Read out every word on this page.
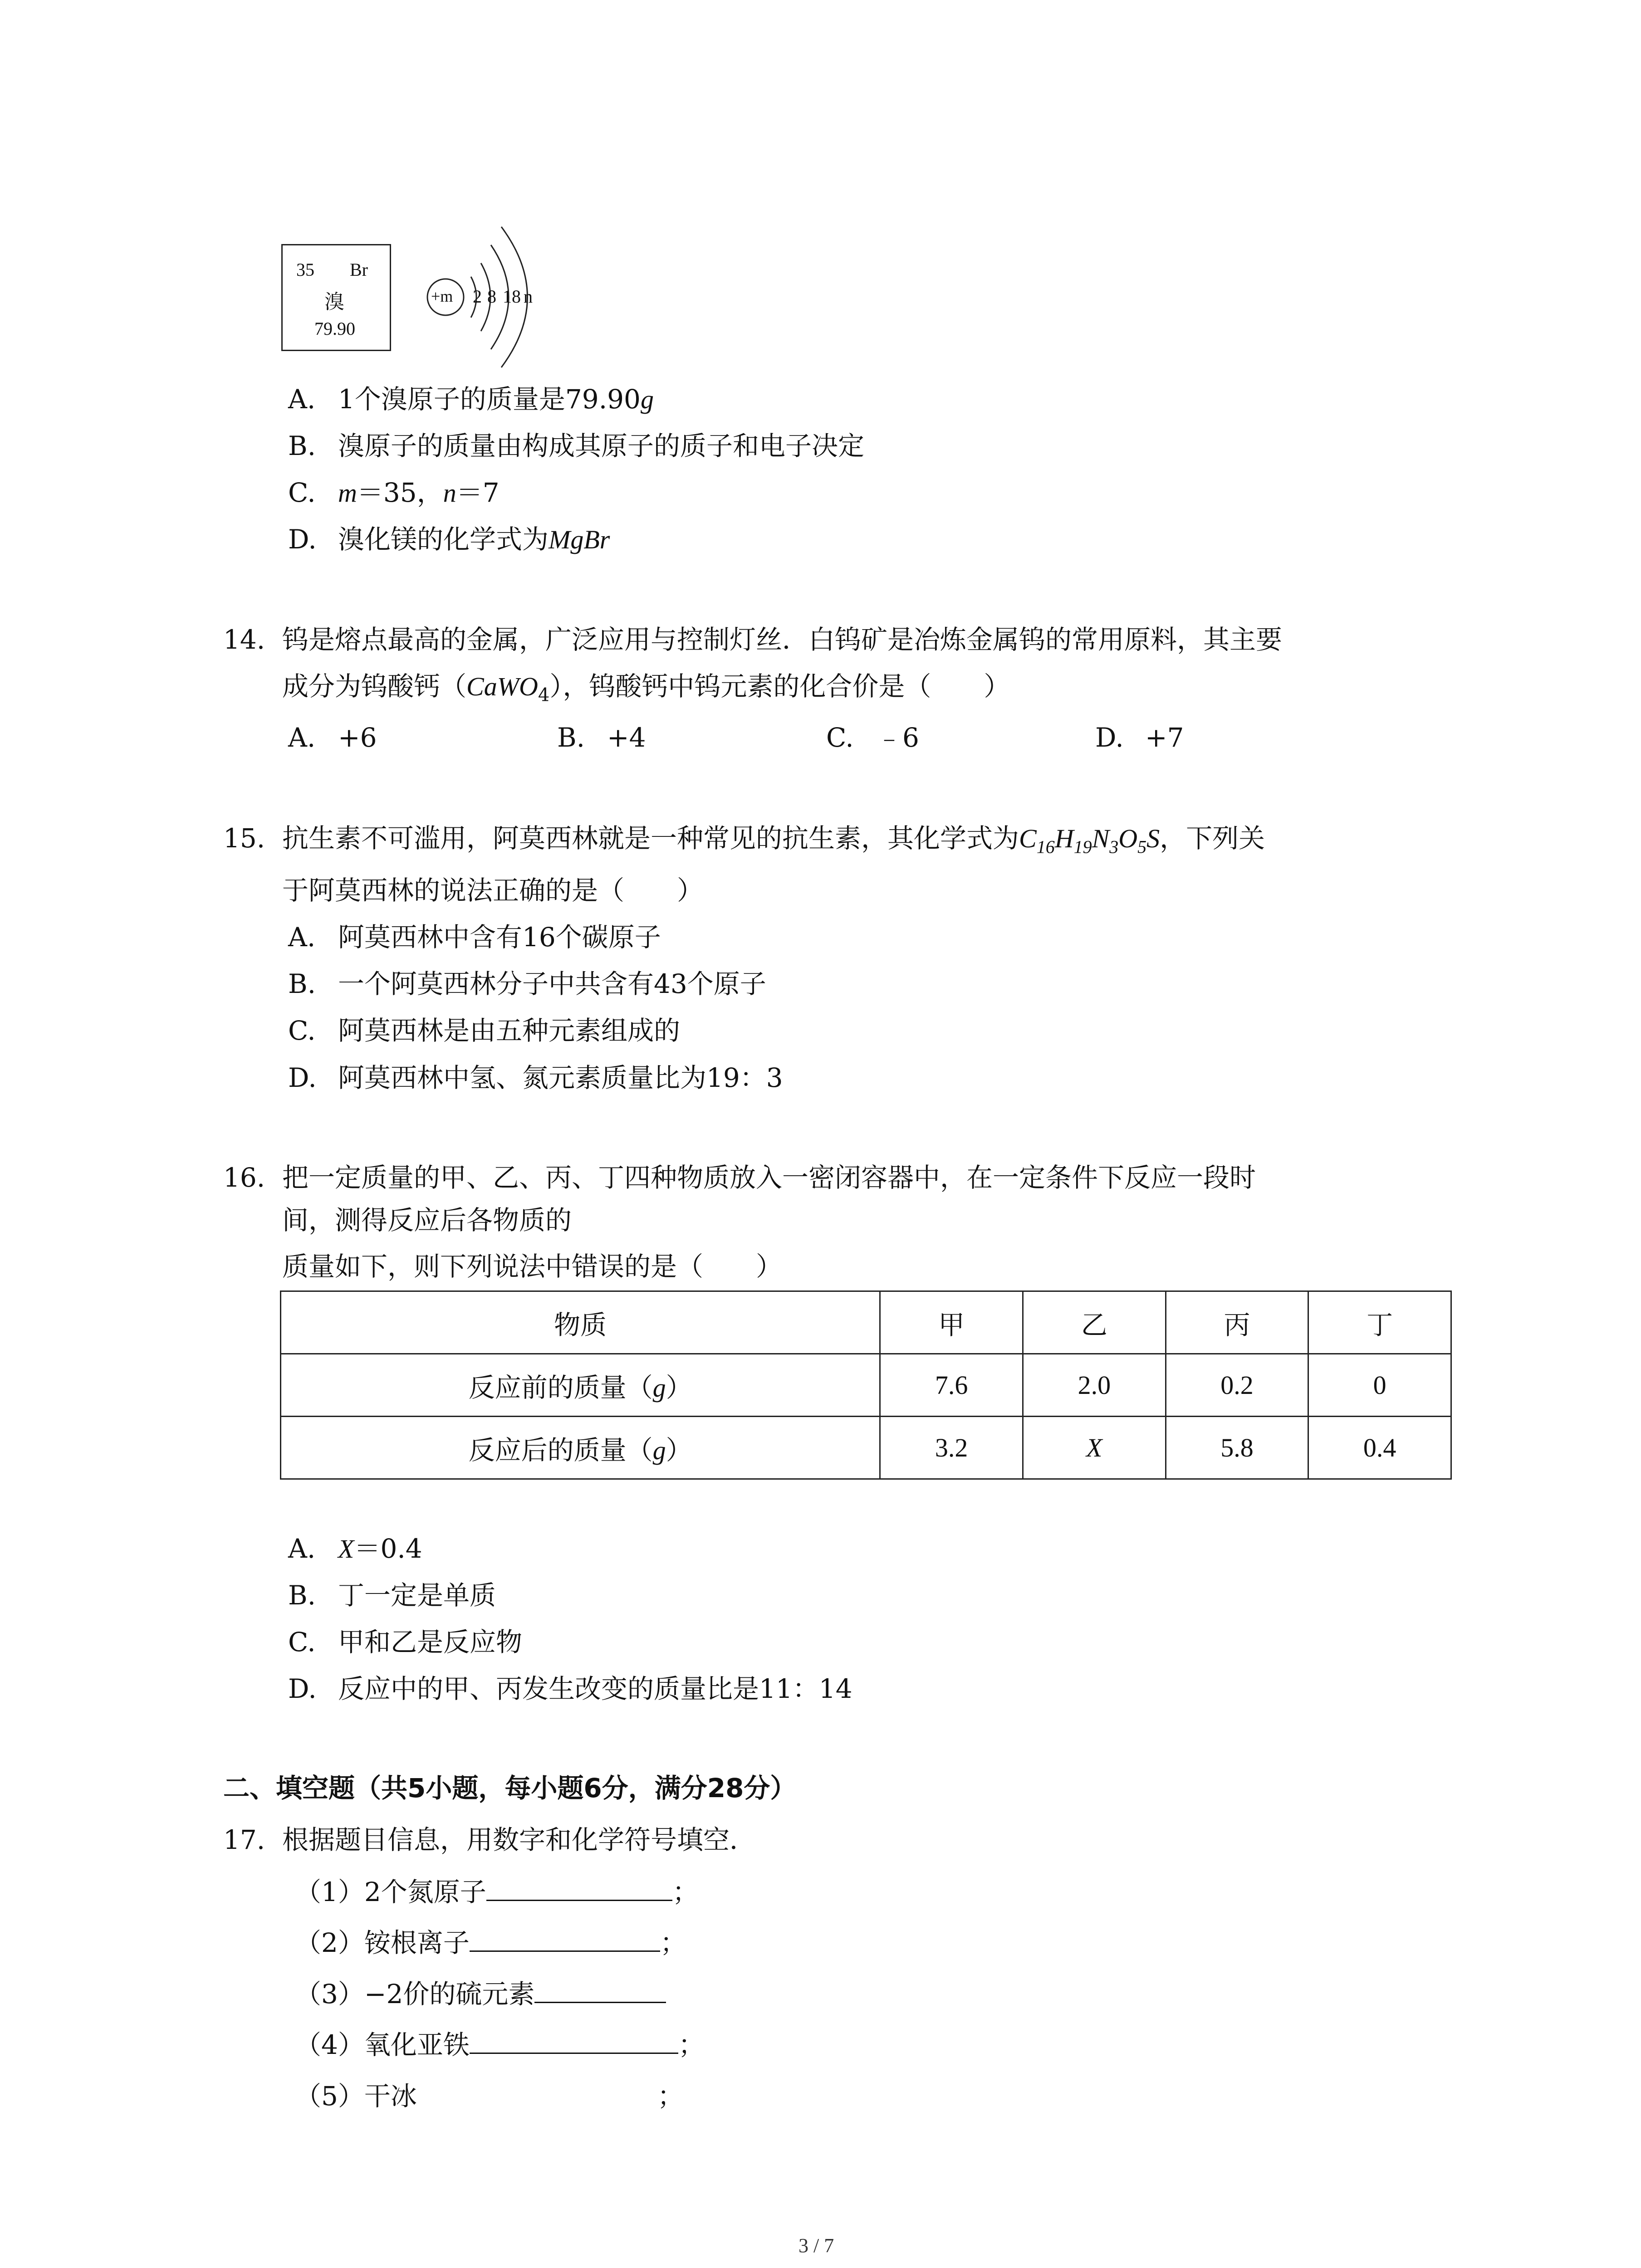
35 Br
溴
79.90
+m 2 8 18 n
A. 1个溴原子的质量是79.90g
B. 溴原子的质量由构成其原子的质子和电子决定
C. m＝35，n＝7
D. 溴化镁的化学式为MgBr
14. 钨是熔点最高的金属，广泛应用与控制灯丝．白钨矿是冶炼金属钨的常用原料，其主要
成分为钨酸钙（CaWO$_4$），钨酸钙中钨元素的化合价是（　　）
A. +6	B. +4	C. ﹣6	D. +7
15. 抗生素不可滥用，阿莫西林就是一种常见的抗生素，其化学式为$C_{16}H_{19}N_3O_5S$，下列关
于阿莫西林的说法正确的是（　　）
A. 阿莫西林中含有16个碳原子
B. 一个阿莫西林分子中共含有43个原子
C. 阿莫西林是由五种元素组成的
D. 阿莫西林中氢、氮元素质量比为19：3
16. 把一定质量的甲、乙、丙、丁四种物质放入一密闭容器中，在一定条件下反应一段时
间，测得反应后各物质的
质量如下，则下列说法中错误的是（　　）
物质	甲	乙	丙	丁
反应前的质量（g）	7.6	2.0	0.2	0
反应后的质量（g）	3.2	X	5.8	0.4
A. X＝0.4
B. 丁一定是单质
C. 甲和乙是反应物
D. 反应中的甲、丙发生改变的质量比是11：14
二、填空题（共5小题，每小题6分，满分28分）
17. 根据题目信息，用数字和化学符号填空．
（1）2个氮原子	；
（2）铵根离子	；
（3）−2价的硫元素
（4）氧化亚铁	；
（5）干冰	；
3 / 7
